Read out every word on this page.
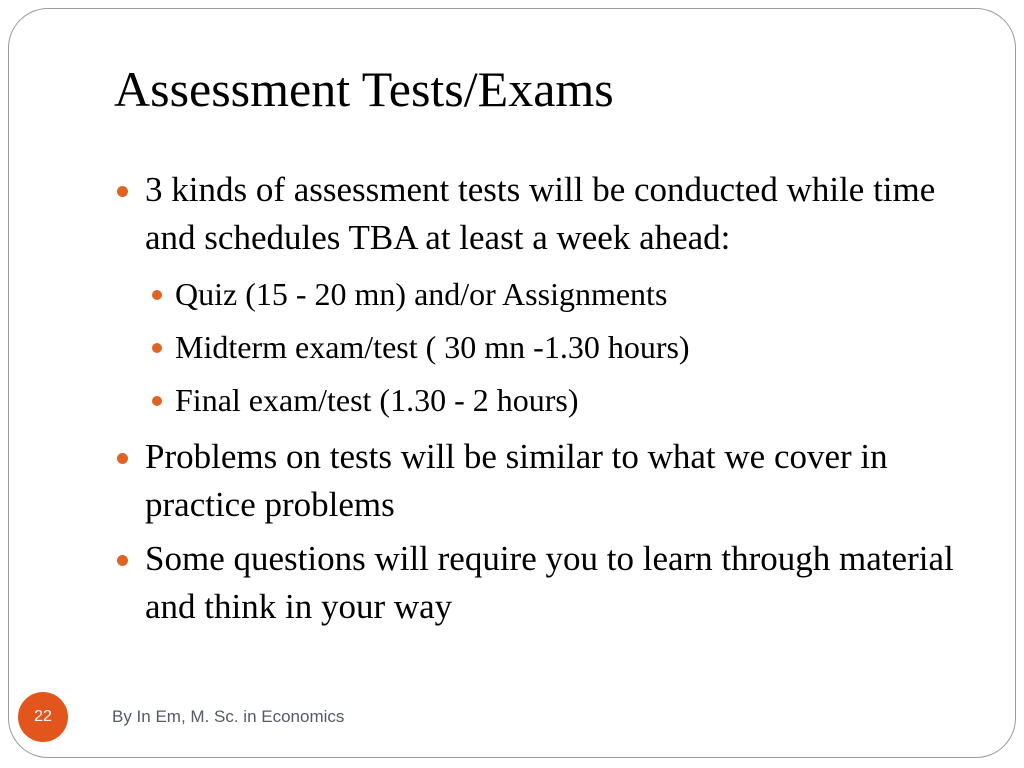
Assessment Tests/Exams
3 kinds of assessment tests will be conducted while time and schedules TBA at least a week ahead:
Quiz (15 - 20 mn) and/or Assignments
Midterm exam/test ( 30 mn -1.30 hours)
Final exam/test (1.30 - 2 hours)
Problems on tests will be similar to what we cover in practice problems
Some questions will require you to learn through material and think in your way
22	By In Em, M. Sc. in Economics
